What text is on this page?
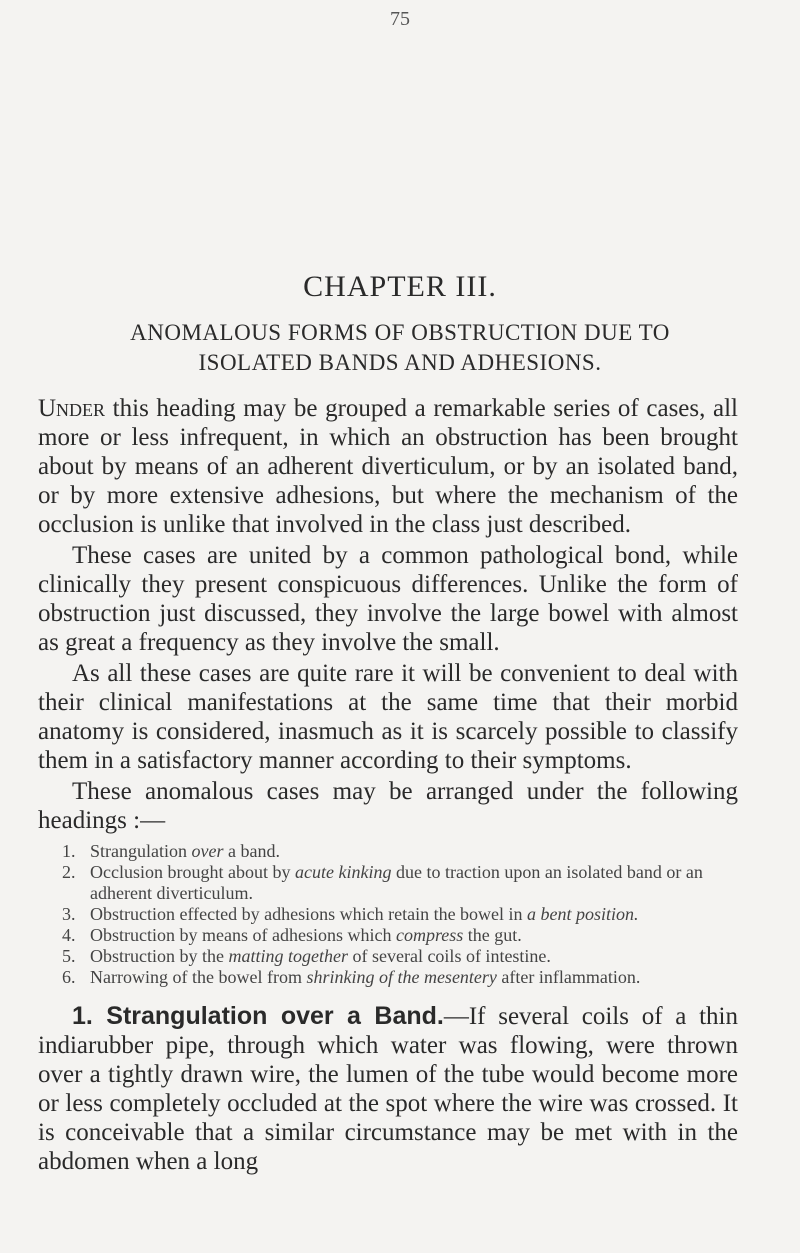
75
CHAPTER III.
ANOMALOUS FORMS OF OBSTRUCTION DUE TO ISOLATED BANDS AND ADHESIONS.

Under this heading may be grouped a remarkable series of cases, all more or less infrequent, in which an obstruction has been brought about by means of an adherent diverticulum, or by an isolated band, or by more extensive adhesions, but where the mechanism of the occlusion is unlike that involved in the class just described.

These cases are united by a common pathological bond, while clinically they present conspicuous differences. Unlike the form of obstruction just discussed, they involve the large bowel with almost as great a frequency as they involve the small.

As all these cases are quite rare it will be convenient to deal with their clinical manifestations at the same time that their morbid anatomy is considered, inasmuch as it is scarcely possible to classify them in a satisfactory manner according to their symptoms.

These anomalous cases may be arranged under the following headings :—

1. Strangulation over a band.
2. Occlusion brought about by acute kinking due to traction upon an isolated band or an adherent diverticulum.
3. Obstruction effected by adhesions which retain the bowel in a bent position.
4. Obstruction by means of adhesions which compress the gut.
5. Obstruction by the matting together of several coils of intestine.
6. Narrowing of the bowel from shrinking of the mesentery after inflammation.

1. Strangulation over a Band.—If several coils of a thin indiarubber pipe, through which water was flowing, were thrown over a tightly drawn wire, the lumen of the tube would become more or less completely occluded at the spot where the wire was crossed. It is conceivable that a similar circumstance may be met with in the abdomen when a long
